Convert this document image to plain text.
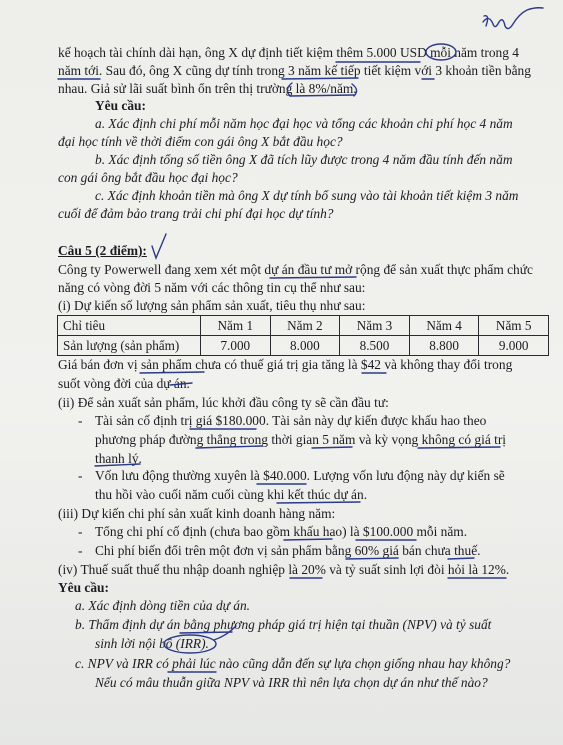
kế hoạch tài chính dài hạn, ông X dự định tiết kiệm thêm 5.000 USD mỗi năm trong 4
năm tới. Sau đó, ông X cũng dự tính trong 3 năm kế tiếp tiết kiệm với 3 khoản tiền bằng
nhau. Giả sử lãi suất bình ổn trên thị trường là 8%/năm.
Yêu cầu:
a. Xác định chi phí mỗi năm học đại học và tổng các khoản chi phí học 4 năm
đại học tính về thời điểm con gái ông X bắt đầu học?
b. Xác định tổng số tiền ông X đã tích lũy được trong 4 năm đầu tính đến năm
con gái ông bắt đầu học đại học?
c. Xác định khoản tiền mà ông X dự tính bổ sung vào tài khoản tiết kiệm 3 năm
cuối để đảm bảo trang trải chi phí đại học dự tính?
Câu 5 (2 điểm):
Công ty Powerwell đang xem xét một dự án đầu tư mở rộng để sản xuất thực phẩm chức
năng có vòng đời 5 năm với các thông tin cụ thể như sau:
(i) Dự kiến số lượng sản phẩm sản xuất, tiêu thụ như sau:
Chỉ tiêu	Năm 1	Năm 2	Năm 3	Năm 4	Năm 5
Sản lượng (sản phẩm)	7.000	8.000	8.500	8.800	9.000
Giá bán đơn vị sản phẩm chưa có thuế giá trị gia tăng là $42 và không thay đổi trong
suốt vòng đời của dự án.
(ii) Để sản xuất sản phẩm, lúc khởi đầu công ty sẽ cần đầu tư:
- Tài sản cố định trị giá $180.000. Tài sản này dự kiến được khấu hao theo
phương pháp đường thẳng trong thời gian 5 năm và kỳ vọng không có giá trị
thanh lý.
- Vốn lưu động thường xuyên là $40.000. Lượng vốn lưu động này dự kiến sẽ
thu hồi vào cuối năm cuối cùng khi kết thúc dự án.
(iii) Dự kiến chi phí sản xuất kinh doanh hàng năm:
- Tổng chi phí cố định (chưa bao gồm khấu hao) là $100.000 mỗi năm.
- Chi phí biến đổi trên một đơn vị sản phẩm bằng 60% giá bán chưa thuế.
(iv) Thuế suất thuế thu nhập doanh nghiệp là 20% và tỷ suất sinh lợi đòi hỏi là 12%.
Yêu cầu:
a. Xác định dòng tiền của dự án.
b. Thẩm định dự án bằng phương pháp giá trị hiện tại thuần (NPV) và tỷ suất
sinh lời nội bộ (IRR).
c. NPV và IRR có phải lúc nào cũng dẫn đến sự lựa chọn giống nhau hay không?
Nếu có mâu thuẫn giữa NPV và IRR thì nên lựa chọn dự án như thế nào?
